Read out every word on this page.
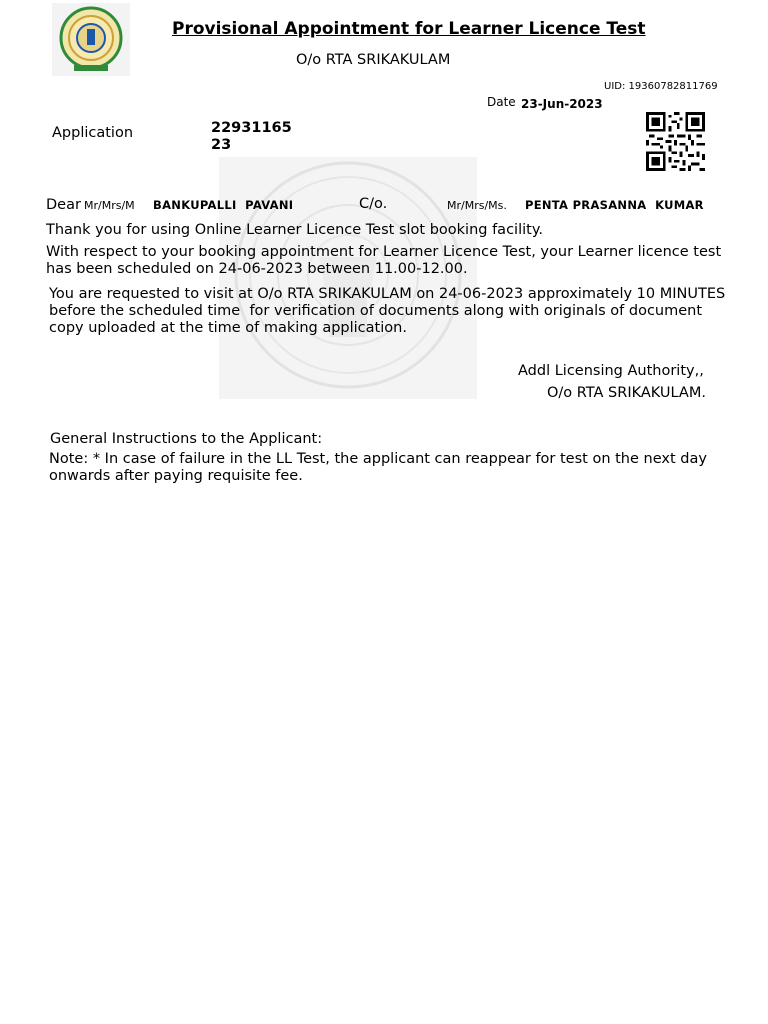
Provisional Appointment for Learner Licence Test
O/o RTA SRIKAKULAM
UID: 19360782811769
Date 23-Jun-2023
Application	22931165
23
Dear Mr/Mrs/M BANKUPALLI  PAVANI	C/o.	Mr/Mrs/Ms. PENTA PRASANNA  KUMAR
Thank you for using Online Learner Licence Test slot booking facility.
With respect to your booking appointment for Learner Licence Test, your Learner licence test has been scheduled on 24-06-2023 between 11.00-12.00.
You are requested to visit at O/o RTA SRIKAKULAM on 24-06-2023 approximately 10 MINUTES  before the scheduled time  for verification of documents along with originals of document copy uploaded at the time of making application.
Addl Licensing Authority,,
O/o RTA SRIKAKULAM.
General Instructions to the Applicant:
Note: * In case of failure in the LL Test, the applicant can reappear for test on the next day onwards after paying requisite fee.
